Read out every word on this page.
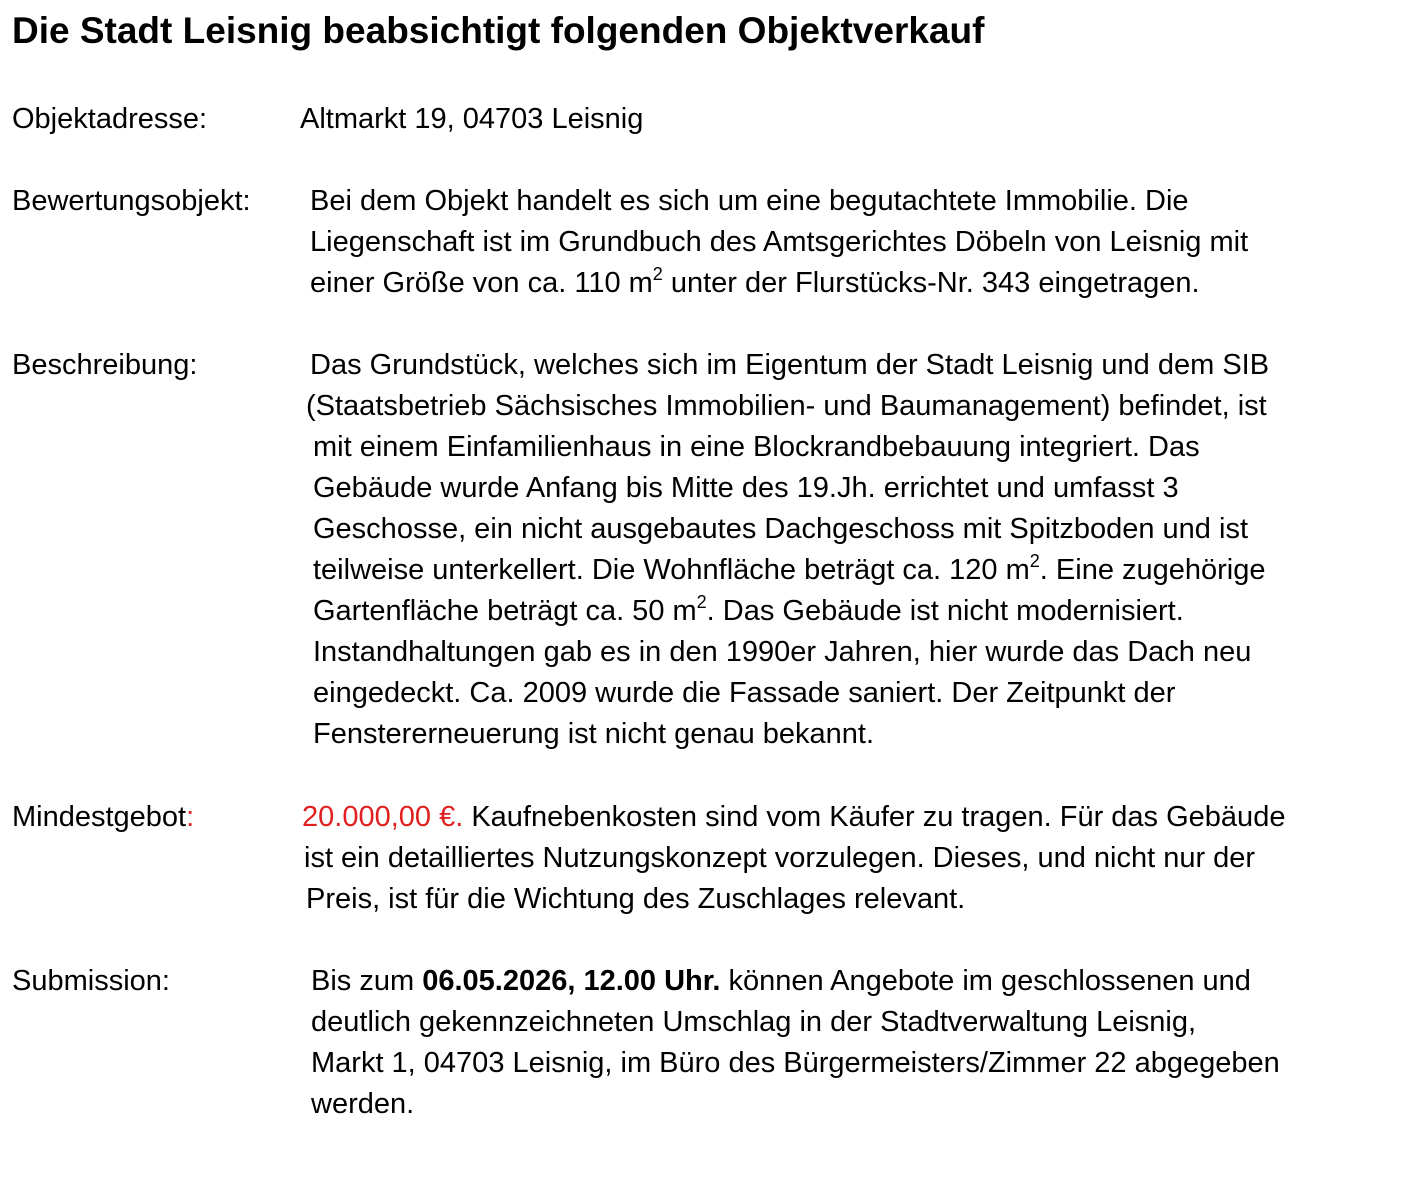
Die Stadt Leisnig beabsichtigt folgenden Objektverkauf
Objektadresse:	Altmarkt 19, 04703 Leisnig
Bewertungsobjekt: Bei dem Objekt handelt es sich um eine begutachtete Immobilie. Die
Liegenschaft ist im Grundbuch des Amtsgerichtes Döbeln von Leisnig mit
einer Größe von ca. 110 $m^2$ unter der Flurstücks-Nr. 343 eingetragen.
Beschreibung:	Das Grundstück, welches sich im Eigentum der Stadt Leisnig und dem SIB
(Staatsbetrieb Sächsisches Immobilien- und Baumanagement) befindet, ist
mit einem Einfamilienhaus in eine Blockrandbebauung integriert. Das
Gebäude wurde Anfang bis Mitte des 19.Jh. errichtet und umfasst 3
Geschosse, ein nicht ausgebautes Dachgeschoss mit Spitzboden und ist
teilweise unterkellert. Die Wohnfläche beträgt ca. 120 $m^2$. Eine zugehörige
Gartenfläche beträgt ca. 50 $m^2$. Das Gebäude ist nicht modernisiert.
Instandhaltungen gab es in den 1990er Jahren, hier wurde das Dach neu
eingedeckt. Ca. 2009 wurde die Fassade saniert. Der Zeitpunkt der
Fenstererneuerung ist nicht genau bekannt.
Mindestgebot:	20.000,00 €. Kaufnebenkosten sind vom Käufer zu tragen. Für das Gebäude
ist ein detailliertes Nutzungskonzept vorzulegen. Dieses, und nicht nur der
Preis, ist für die Wichtung des Zuschlages relevant.
Submission:	Bis zum 06.05.2026, 12.00 Uhr. können Angebote im geschlossenen und
deutlich gekennzeichneten Umschlag in der Stadtverwaltung Leisnig,
Markt 1, 04703 Leisnig, im Büro des Bürgermeisters/Zimmer 22 abgegeben
werden.
